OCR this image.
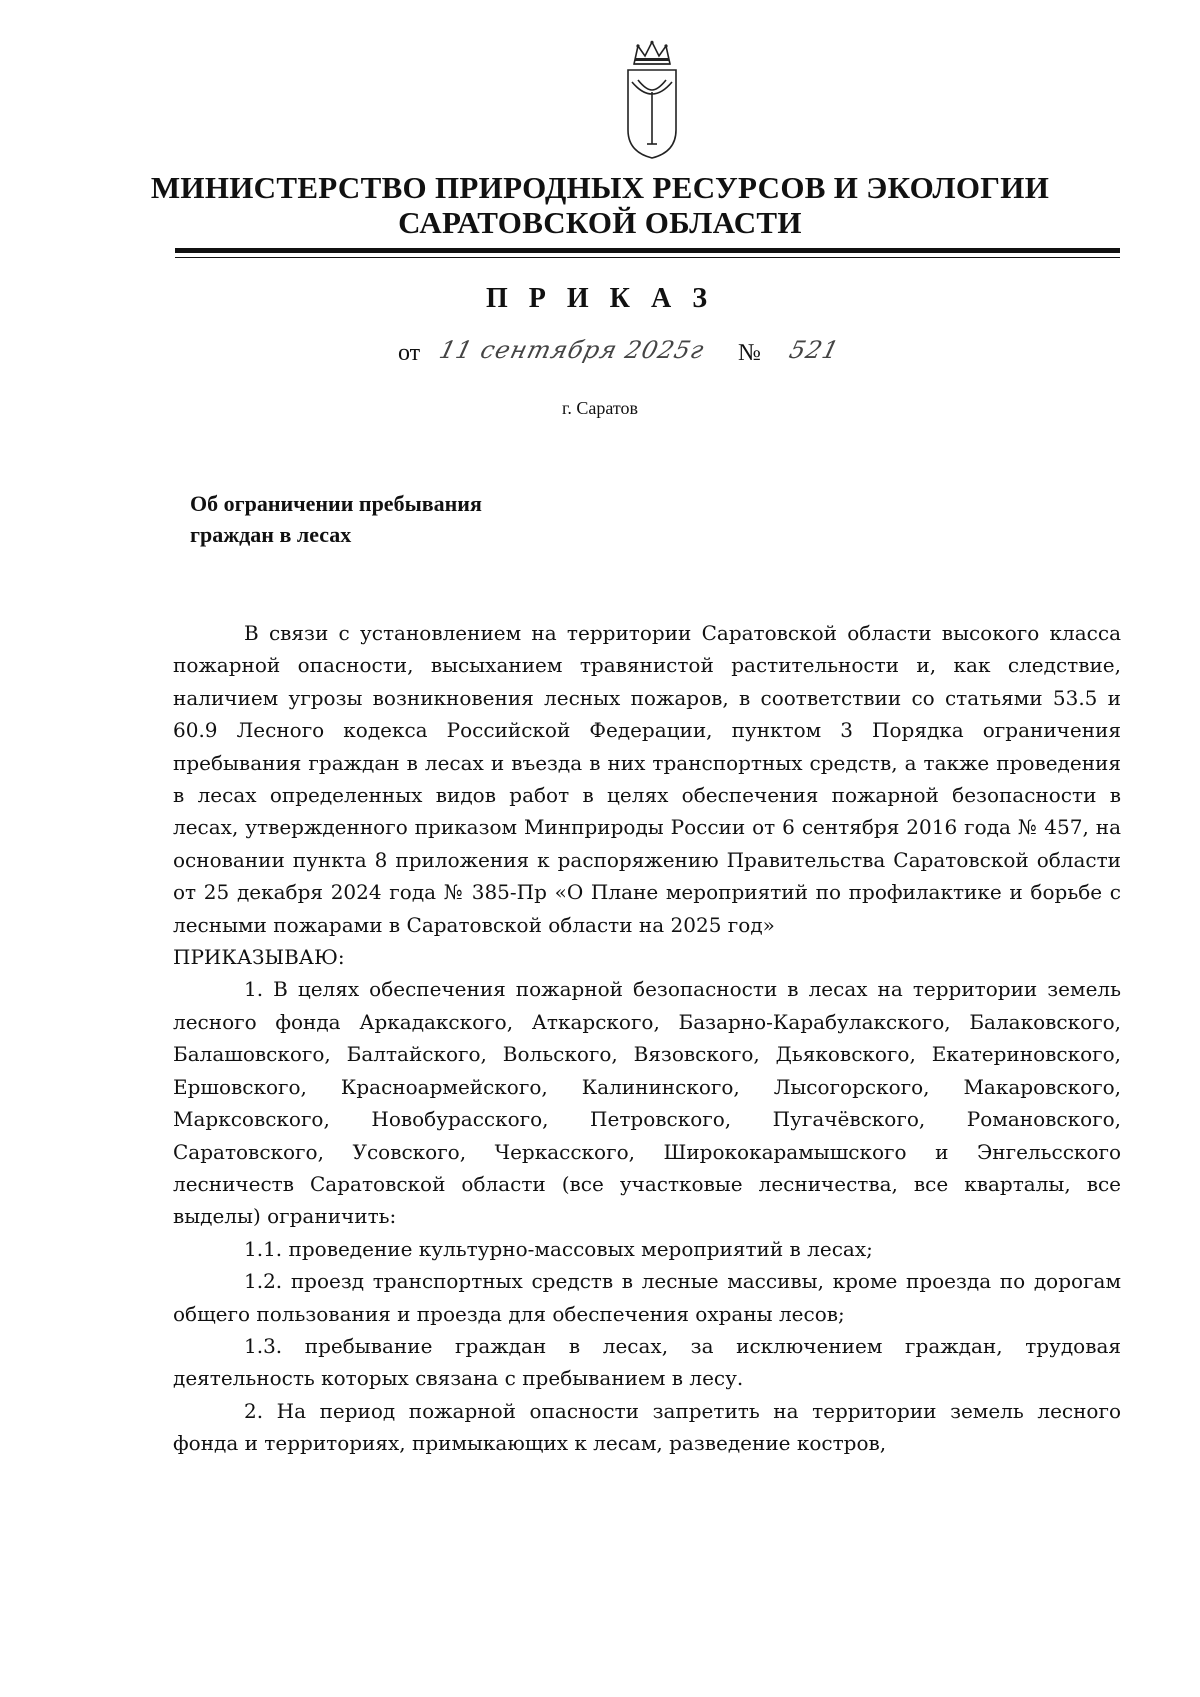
МИНИСТЕРСТВО ПРИРОДНЫХ РЕСУРСОВ И ЭКОЛОГИИ
САРАТОВСКОЙ ОБЛАСТИ
П Р И К А З
от 11 сентября 2025г № 521
г. Саратов
Об ограничении пребывания
граждан в лесах

В связи с установлением на территории Саратовской области высокого класса пожарной опасности, высыханием травянистой растительности и, как следствие, наличием угрозы возникновения лесных пожаров, в соответствии со статьями 53.5 и 60.9 Лесного кодекса Российской Федерации, пунктом 3 Порядка ограничения пребывания граждан в лесах и въезда в них транспортных средств, а также проведения в лесах определенных видов работ в целях обеспечения пожарной безопасности в лесах, утвержденного приказом Минприроды России от 6 сентября 2016 года № 457, на основании пункта 8 приложения к распоряжению Правительства Саратовской области от 25 декабря 2024 года № 385-Пр «О Плане мероприятий по профилактике и борьбе с лесными пожарами в Саратовской области на 2025 год»

ПРИКАЗЫВАЮ:

1. В целях обеспечения пожарной безопасности в лесах на территории земель лесного фонда Аркадакского, Аткарского, Базарно-Карабулакского, Балаковского, Балашовского, Балтайского, Вольского, Вязовского, Дьяковского, Екатериновского, Ершовского, Красноармейского, Калининского, Лысогорского, Макаровского, Марксовского, Новобурасского, Петровского, Пугачёвского, Романовского, Саратовского, Усовского, Черкасского, Ширококарамышского и Энгельсского лесничеств Саратовской области (все участковые лесничества, все кварталы, все выделы) ограничить:

1.1. проведение культурно-массовых мероприятий в лесах;

1.2. проезд транспортных средств в лесные массивы, кроме проезда по дорогам общего пользования и проезда для обеспечения охраны лесов;

1.3. пребывание граждан в лесах, за исключением граждан, трудовая деятельность которых связана с пребыванием в лесу.

2. На период пожарной опасности запретить на территории земель лесного фонда и территориях, примыкающих к лесам, разведение костров,
